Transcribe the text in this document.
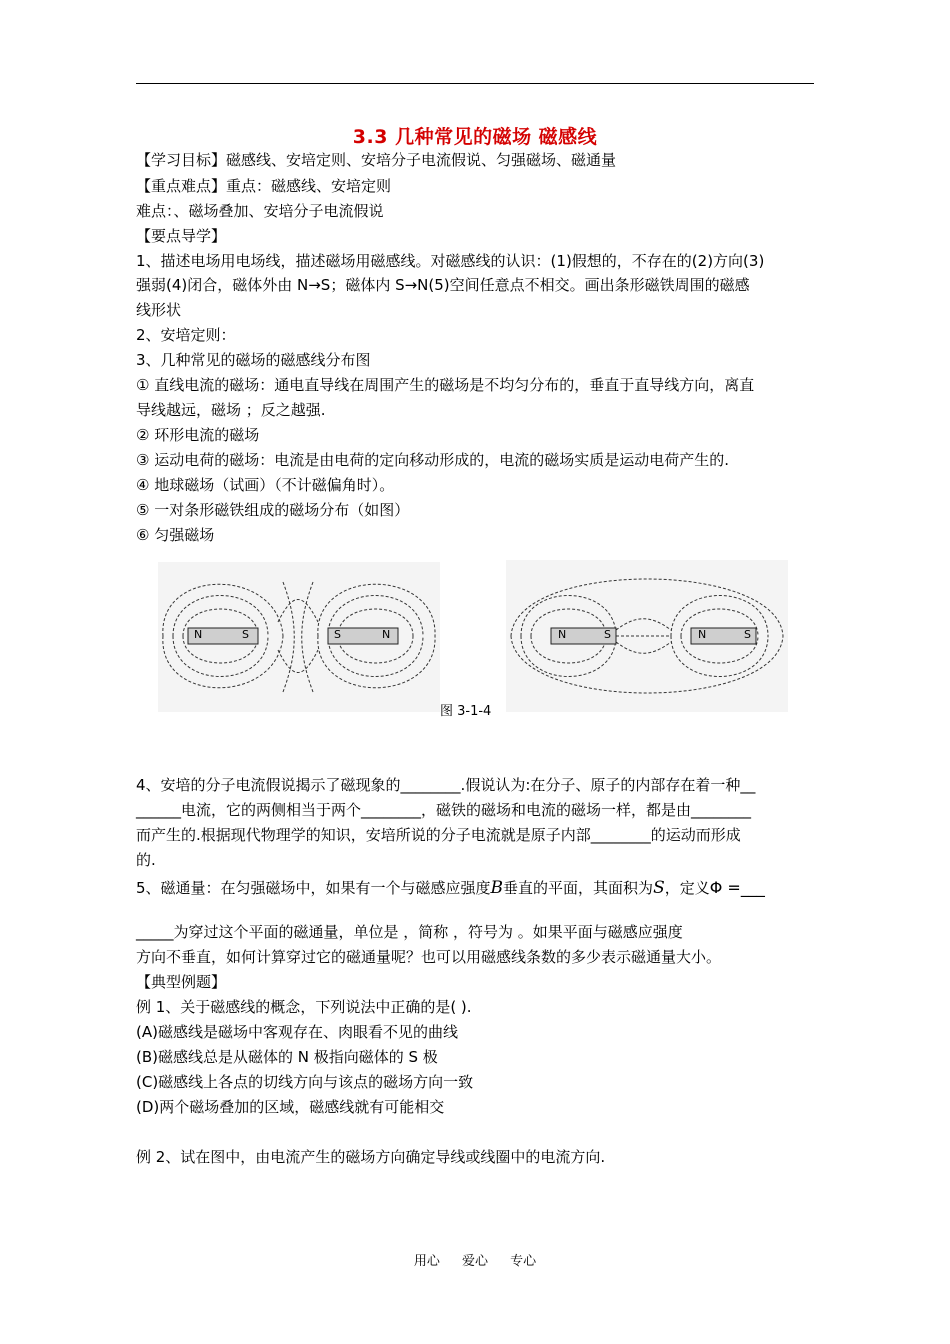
3.3 几种常见的磁场 磁感线
【学习目标】磁感线、安培定则、安培分子电流假说、匀强磁场、磁通量
【重点难点】重点：磁感线、安培定则
难点：、磁场叠加、安培分子电流假说
【要点导学】
1、描述电场用电场线，描述磁场用磁感线。对磁感线的认识：(1)假想的，不存在的(2)方向(3)
强弱(4)闭合，磁体外由 N→S；磁体内 S→N(5)空间任意点不相交。画出条形磁铁周围的磁感
线形状
2、安培定则：
3、几种常见的磁场的磁感线分布图
① 直线电流的磁场：通电直导线在周围产生的磁场是不均匀分布的，垂直于直导线方向，离直
导线越远，磁场 ；反之越强.
② 环形电流的磁场
③ 运动电荷的磁场：电流是由电荷的定向移动形成的，电流的磁场实质是运动电荷产生的.
④ 地球磁场（试画）（不计磁偏角时）。
⑤ 一对条形磁铁组成的磁场分布（如图）
⑥ 匀强磁场
N	S	S	N	N	S	N	S
图 3-1-4
4、安培的分子电流假说揭示了磁现象的________.假说认为:在分子、原子的内部存在着一种__
______电流，它的两侧相当于两个________，磁铁的磁场和电流的磁场一样，都是由________
而产生的.根据现代物理学的知识，安培所说的分子电流就是原子内部________的运动而形成
的.
5、磁通量：在匀强磁场中，如果有一个与磁感应强度B垂直的平面，其面积为S，定义Φ =___
_____为穿过这个平面的磁通量，单位是 ，简称 ，符号为 。如果平面与磁感应强度
方向不垂直，如何计算穿过它的磁通量呢？也可以用磁感线条数的多少表示磁通量大小。
【典型例题】
例 1、关于磁感线的概念，下列说法中正确的是( ).
(A)磁感线是磁场中客观存在、肉眼看不见的曲线
(B)磁感线总是从磁体的 N 极指向磁体的 S 极
(C)磁感线上各点的切线方向与该点的磁场方向一致
(D)两个磁场叠加的区域，磁感线就有可能相交
例 2、试在图中，由电流产生的磁场方向确定导线或线圈中的电流方向.
用心 爱心 专心
